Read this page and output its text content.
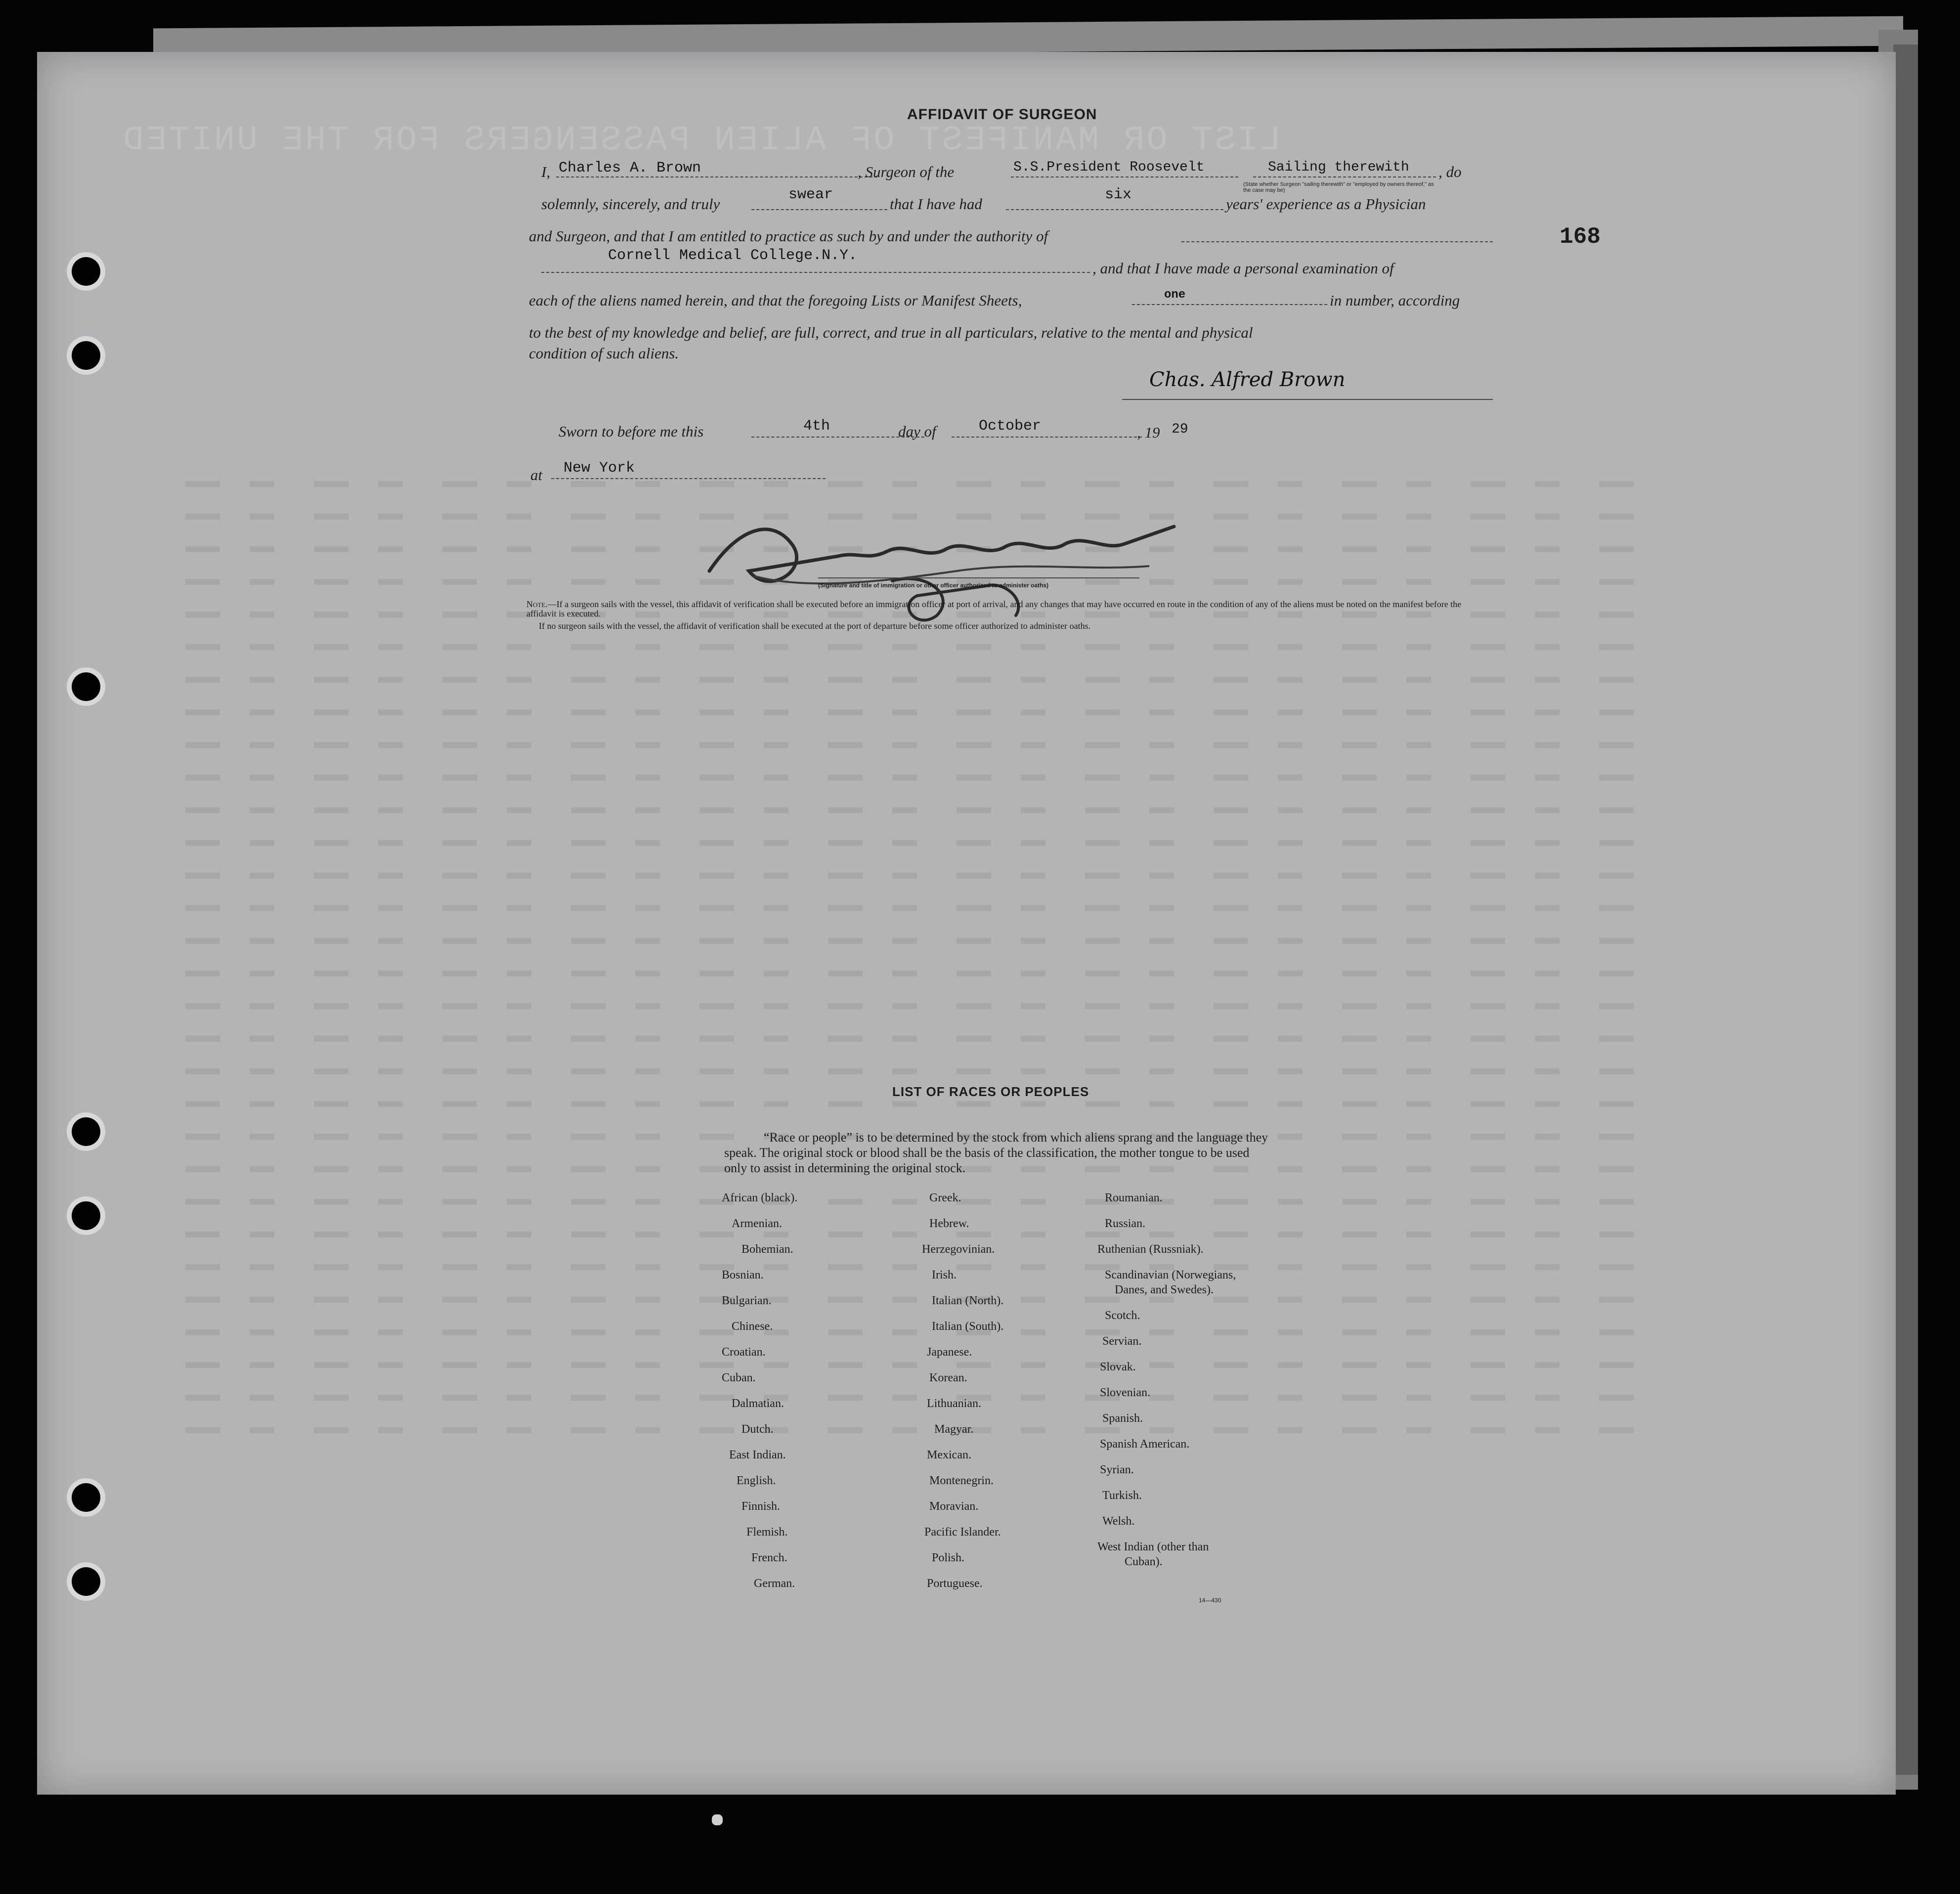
LIST OR MANIFEST OF ALIEN PASSENGERS FOR THE UNITED
168
AFFIDAVIT OF SURGEON
I, Charles A. Brown	, Surgeon of the	S.S.President Roosevelt	Sailing therewith , do
(State whether Surgeon "sailing therewith" or "employed by owners thereof," as the case may be)
solemnly, sincerely, and truly
swear
that I have had
six
years' experience as a Physician
and Surgeon, and that I am entitled to practice as such by and under the authority of
Cornell Medical College.N.Y.
, and that I have made a personal examination of
each of the aliens named herein, and that the foregoing Lists or Manifest Sheets,	one	in number, according
to the best of my knowledge and belief, are full, correct, and true in all particulars, relative to the mental and physical
condition of such aliens.
Chas. Alfred Brown
Sworn to before me this	4th	day of	October	, 19 29
at New York
(Signature and title of immigration or other officer authorized to administer oaths)
Note.—If a surgeon sails with the vessel, this affidavit of verification shall be executed before an immigration officer at port of arrival, and any changes that may have occurred en route in the condition of any of the aliens must be noted on the manifest before the affidavit is executed.
If no surgeon sails with the vessel, the affidavit of verification shall be executed at the port of departure before some officer authorized to administer oaths.
LIST OF RACES OR PEOPLES
“Race or people” is to be determined by the stock from which aliens sprang and the language they speak. The original stock or blood shall be the basis of the classification, the mother tongue to be used only to assist in determining the original stock.
African (black).
Armenian.
Bohemian.
Bosnian.
Bulgarian.
Chinese.
Croatian.
Cuban.
Dalmatian.
Dutch.
East Indian.
English.
Finnish.
Flemish.
French.
German.
Greek.
Hebrew.
Herzegovinian.
Irish.
Italian (North).
Italian (South).
Japanese.
Korean.
Lithuanian.
Magyar.
Mexican.
Montenegrin.
Moravian.
Pacific Islander.
Polish.
Portuguese.
Roumanian.
Russian.
Ruthenian (Russniak).
Scandinavian (Norwegians,
Danes, and Swedes).
Scotch.
Servian.
Slovak.
Slovenian.
Spanish.
Spanish American.
Syrian.
Turkish.
Welsh.
West Indian (other than
Cuban).
14—430
